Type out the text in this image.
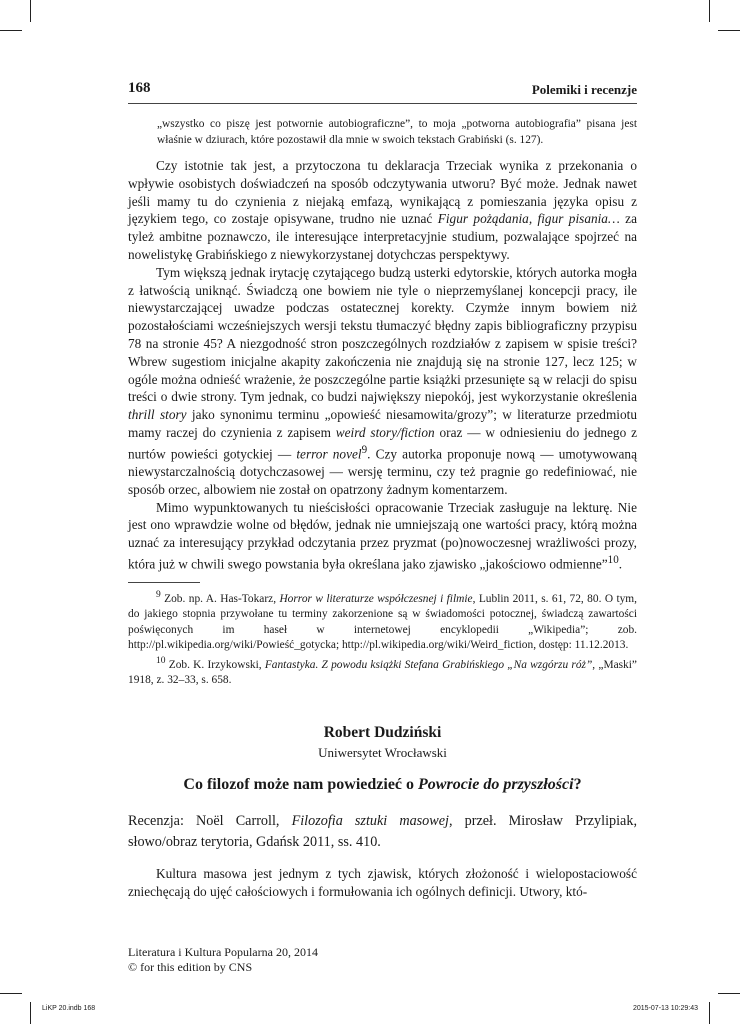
168	Polemiki i recenzje
„wszystko co piszę jest potwornie autobiograficzne”, to moja „potworna autobiografia” pisana jest właśnie w dziurach, które pozostawił dla mnie w swoich tekstach Grabiński (s. 127).

Czy istotnie tak jest, a przytoczona tu deklaracja Trzeciak wynika z przekonania o wpływie osobistych doświadczeń na sposób odczytywania utworu? Być może. Jednak nawet jeśli mamy tu do czynienia z niejaką emfazą, wynikającą z pomieszania języka opisu z językiem tego, co zostaje opisywane, trudno nie uznać Figur pożądania, figur pisania… za tyleż ambitne poznawczo, ile interesujące interpretacyjnie studium, pozwalające spojrzeć na nowelistykę Grabińskiego z niewykorzystanej dotychczas perspektywy.

Tym większą jednak irytację czytającego budzą usterki edytorskie, których autorka mogła z łatwością uniknąć. Świadczą one bowiem nie tyle o nieprzemyślanej koncepcji pracy, ile niewystarczającej uwadze podczas ostatecznej korekty. Czymże innym bowiem niż pozostałościami wcześniejszych wersji tekstu tłumaczyć błędny zapis bibliograficzny przypisu 78 na stronie 45? A niezgodność stron poszczególnych rozdziałów z zapisem w spisie treści? Wbrew sugestiom inicjalne akapity zakończenia nie znajdują się na stronie 127, lecz 125; w ogóle można odnieść wrażenie, że poszczególne partie książki przesunięte są w relacji do spisu treści o dwie strony. Tym jednak, co budzi największy niepokój, jest wykorzystanie określenia thrill story jako synonimu terminu „opowieść niesamowita/grozy”; w literaturze przedmiotu mamy raczej do czynienia z zapisem weird story/fiction oraz — w odniesieniu do jednego z nurtów powieści gotyckiej — terror novel$^9$. Czy autorka proponuje nową — umotywowaną niewystarczalnością dotychczasowej — wersję terminu, czy też pragnie go redefiniować, nie sposób orzec, albowiem nie został on opatrzony żadnym komentarzem.

Mimo wypunktowanych tu nieścisłości opracowanie Trzeciak zasługuje na lekturę. Nie jest ono wprawdzie wolne od błędów, jednak nie umniejszają one wartości pracy, którą można uznać za interesujący przykład odczytania przez pryzmat (po)nowoczesnej wrażliwości prozy, która już w chwili swego powstania była określana jako zjawisko „jakościowo odmienne”$^{10}$.

$^9$ Zob. np. A. Has-Tokarz, Horror w literaturze współczesnej i filmie, Lublin 2011, s. 61, 72, 80. O tym, do jakiego stopnia przywołane tu terminy zakorzenione są w świadomości potocznej, świadczą zawartości poświęconych im haseł w internetowej encyklopedii „Wikipedia”; zob. http://pl.wikipedia.org/wiki/Powieść_gotycka; http://pl.wikipedia.org/wiki/Weird_fiction, dostęp: 11.12.2013.

$^{10}$ Zob. K. Irzykowski, Fantastyka. Z powodu książki Stefana Grabińskiego „Na wzgórzu róż”, „Maski” 1918, z. 32–33, s. 658.

Robert Dudziński
Uniwersytet Wrocławski
Co filozof może nam powiedzieć o Powrocie do przyszłości?

Recenzja: Noël Carroll, Filozofia sztuki masowej, przeł. Mirosław Przylipiak, słowo/obraz terytoria, Gdańsk 2011, ss. 410.

Kultura masowa jest jednym z tych zjawisk, których złożoność i wielopostaciowość zniechęcają do ujęć całościowych i formułowania ich ogólnych definicji. Utwory, któ-

Literatura i Kultura Popularna 20, 2014
© for this edition by CNS
LiKP 20.indb 168	2015-07-13 10:29:43
